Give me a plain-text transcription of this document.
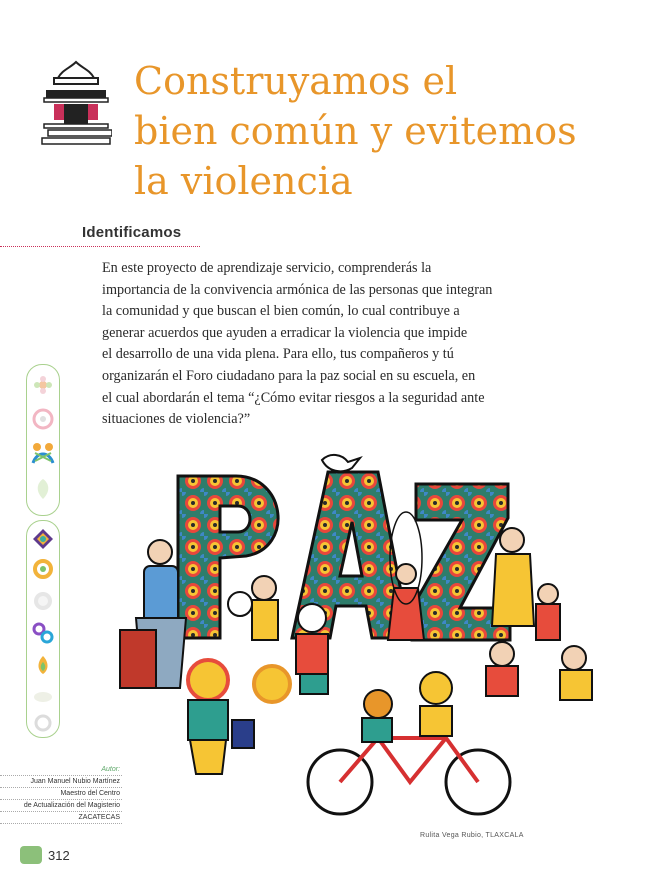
Construyamos el
bien común y evitemos
la violencia
Identificamos
En este proyecto de aprendizaje servicio, comprenderás la
importancia de la convivencia armónica de las personas que integran
la comunidad y que buscan el bien común, lo cual contribuye a
generar acuerdos que ayuden a erradicar la violencia que impide
el desarrollo de una vida plena. Para ello, tus compañeros y tú
organizarán el Foro ciudadano para la paz social en su escuela, en
el cual abordarán el tema “¿Cómo evitar riesgos a la seguridad ante
situaciones de violencia?”
Autor:
Juan Manuel Nubio Martínez
Maestro del Centro
de Actualización del Magisterio
ZACATECAS
Rulita Vega Rubio, TLAXCALA
312
